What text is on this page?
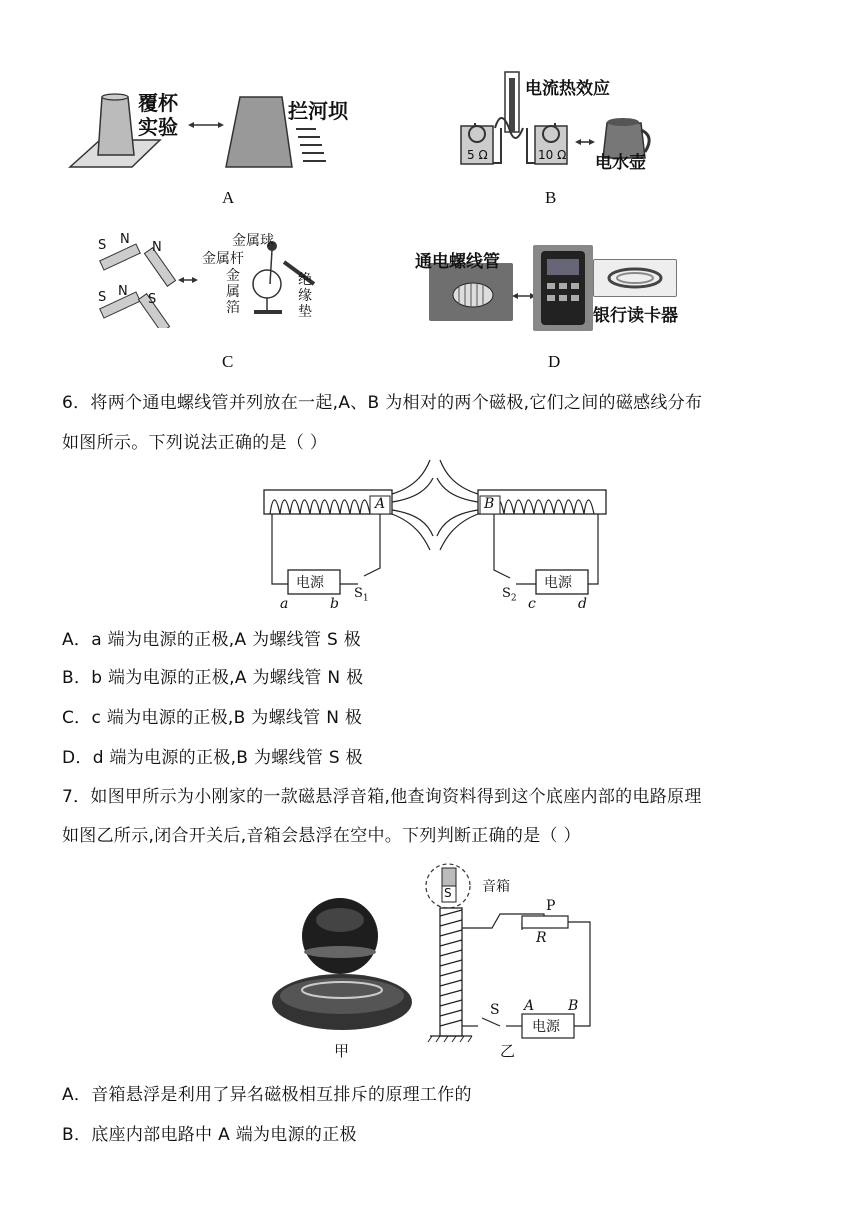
覆杯
实验
拦河坝
A
电流热效应
5 Ω	10 Ω 电水壶
B
S N
N
S N
S
金属球
金属杆
金
属
箔
绝
缘
垫
C
通电螺线管
银行读卡器
D
6．将两个通电螺线管并列放在一起,A、B 为相对的两个磁极,它们之间的磁感线分布
如图所示。下列说法正确的是（ ）
A	B
电源	电源
a	b
$S_1$	$S_2$ c	d
A．a 端为电源的正极,A 为螺线管 S 极
B．b 端为电源的正极,A 为螺线管 N 极
C．c 端为电源的正极,B 为螺线管 N 极
D．d 端为电源的正极,B 为螺线管 S 极
7．如图甲所示为小刚家的一款磁悬浮音箱,他查询资料得到这个底座内部的电路原理
如图乙所示,闭合开关后,音箱会悬浮在空中。下列判断正确的是（ ）
甲
音箱
S
P
R
A B
S
电源
乙
A．音箱悬浮是利用了异名磁极相互排斥的原理工作的
B．底座内部电路中 A 端为电源的正极
